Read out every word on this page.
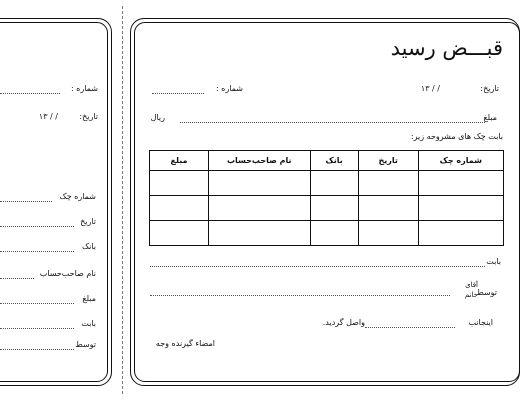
شماره :
تاریخ:
/ / ۱۳
شماره چک
تاریخ
بانک
نام صاحب‌حساب
مبلغ
بابت
توسط
قبـــض رسید
شماره :	تاریخ:
/ / ۱۳
مبلغ
ریال
بابت چک های مشروحه زیر:
شماره چک	تاریخ	بانک	نام صاحب‌حساب	مبلغ

بابت
توسط
آقای
خانم
اینجانب
واصل گردید.
امضاء گیرنده وجه
